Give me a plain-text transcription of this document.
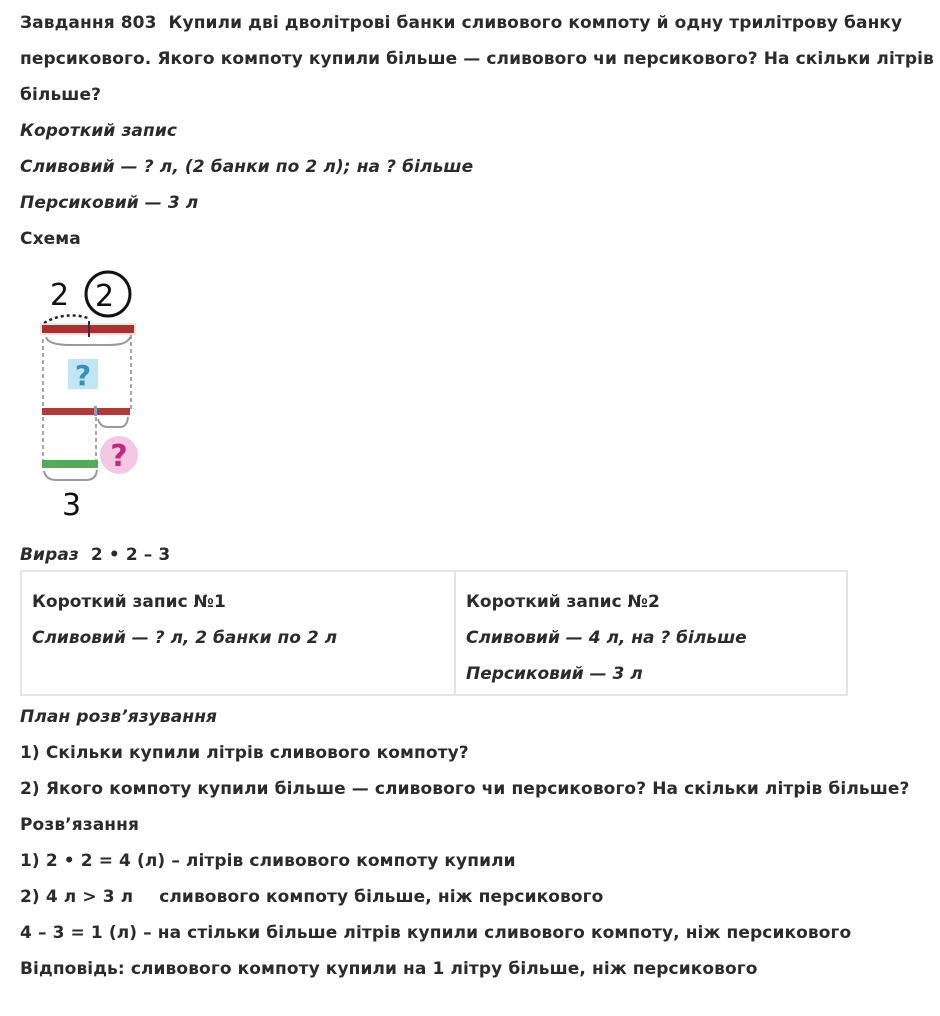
Завдання 803 Купили дві дволітрові банки сливового компоту й одну трилітрову банку
персикового. Якого компоту купили більше — сливового чи персикового? На скільки літрів
більше?
Короткий запис
Сливовий — ? л, (2 банки по 2 л); на ? більше
Персиковий — 3 л
Схема
2 2
?
?
3
Вираз 2 • 2 – 3
Короткий запис №1
Сливовий — ? л, 2 банки по 2 л
Короткий запис №2
Сливовий — 4 л, на ? більше
Персиковий — 3 л
План розв’язування
1) Скільки купили літрів сливового компоту?
2) Якого компоту купили більше — сливового чи персикового? На скільки літрів більше?
Розв’язання
1) 2 • 2 = 4 (л) – літрів сливового компоту купили
2) 4 л > 3 л сливового компоту більше, ніж персикового
4 – 3 = 1 (л) – на стільки більше літрів купили сливового компоту, ніж персикового
Відповідь: сливового компоту купили на 1 літру більше, ніж персикового
